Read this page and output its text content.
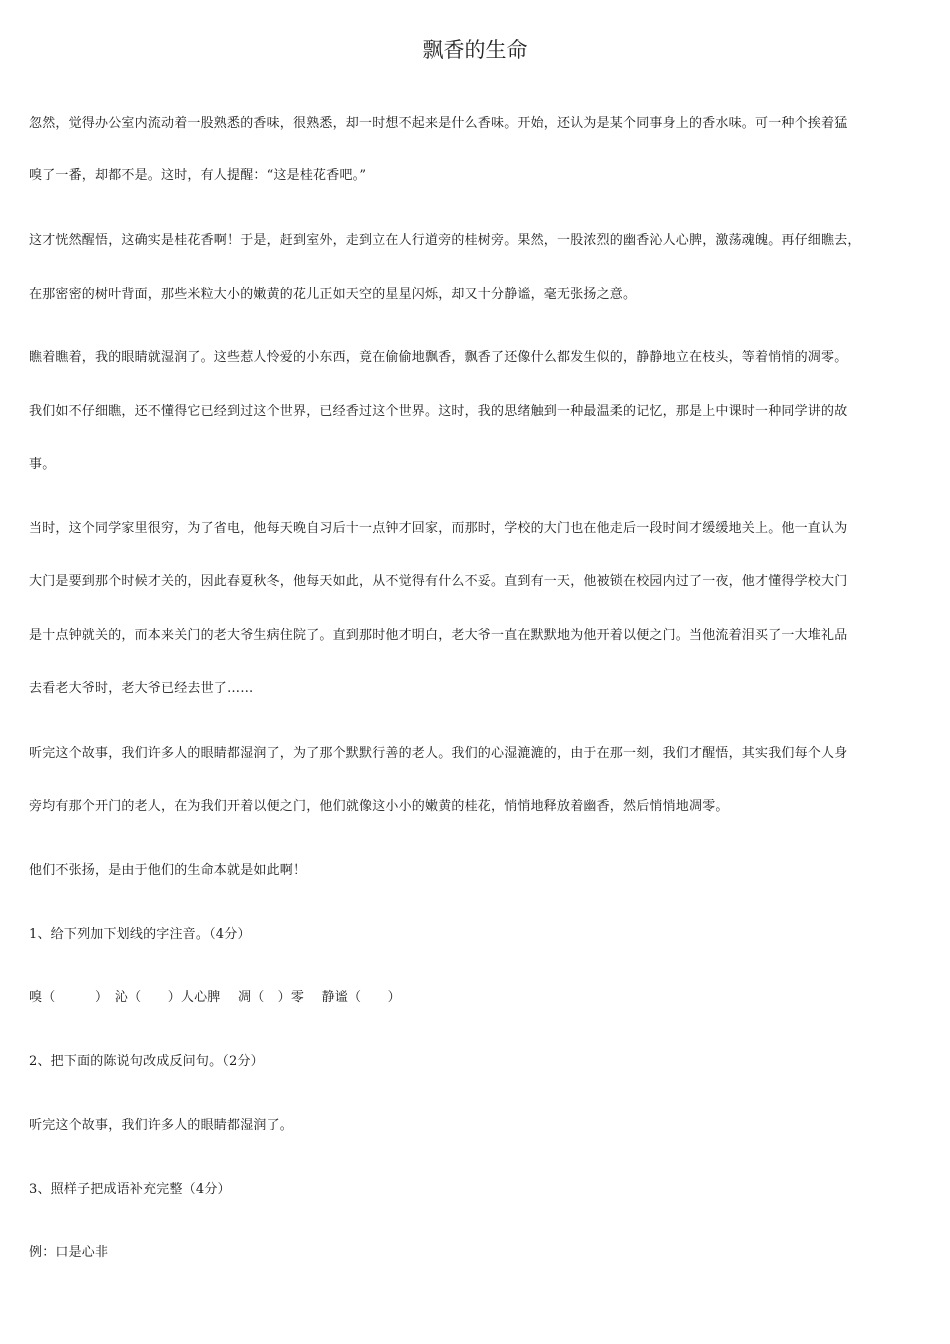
飘香的生命
忽然，觉得办公室内流动着一股熟悉的香味，很熟悉，却一时想不起来是什么香味。开始，还认为是某个同事身上的香水味。可一种个挨着猛
嗅了一番，却都不是。这时，有人提醒：“这是桂花香吧。”
这才恍然醒悟，这确实是桂花香啊！于是，赶到室外，走到立在人行道旁的桂树旁。果然，一股浓烈的幽香沁人心脾，激荡魂魄。再仔细瞧去，
在那密密的树叶背面，那些米粒大小的嫩黄的花儿正如天空的星星闪烁，却又十分静谧，毫无张扬之意。
瞧着瞧着，我的眼睛就湿润了。这些惹人怜爱的小东西，竟在偷偷地飘香，飘香了还像什么都发生似的，静静地立在枝头，等着悄悄的凋零。
我们如不仔细瞧，还不懂得它已经到过这个世界，已经香过这个世界。这时，我的思绪触到一种最温柔的记忆，那是上中课时一种同学讲的故
事。
当时，这个同学家里很穷，为了省电，他每天晚自习后十一点钟才回家，而那时，学校的大门也在他走后一段时间才缓缓地关上。他一直认为
大门是要到那个时候才关的，因此春夏秋冬，他每天如此，从不觉得有什么不妥。直到有一天，他被锁在校园内过了一夜，他才懂得学校大门
是十点钟就关的，而本来关门的老大爷生病住院了。直到那时他才明白，老大爷一直在默默地为他开着以便之门。当他流着泪买了一大堆礼品
去看老大爷时，老大爷已经去世了……
听完这个故事，我们许多人的眼睛都湿润了，为了那个默默行善的老人。我们的心湿漉漉的，由于在那一刻，我们才醒悟，其实我们每个人身
旁均有那个开门的老人，在为我们开着以便之门，他们就像这小小的嫩黄的桂花，悄悄地释放着幽香，然后悄悄地凋零。
他们不张扬，是由于他们的生命本就是如此啊！
1、给下列加下划线的字注音。（4分）
嗅（　　　）　沁（　　）人心脾　 凋（　）零　 静谧（　　）
2、把下面的陈说句改成反问句。（2分）
听完这个故事，我们许多人的眼睛都湿润了。
3、照样子把成语补充完整（4分）
例：口是心非
